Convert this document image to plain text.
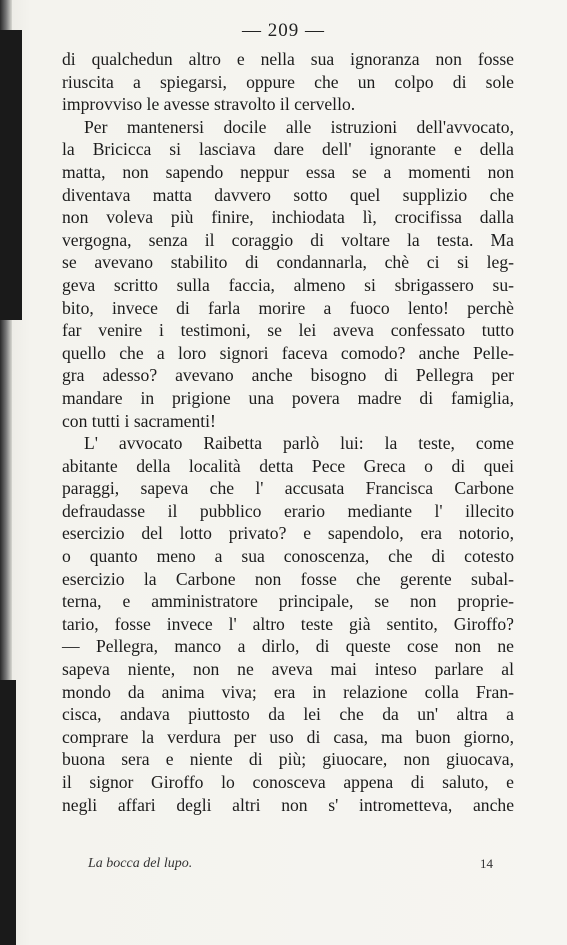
— 209 —
di qualchedun altro e nella sua ignoranza non fosse
riuscita a spiegarsi, oppure che un colpo di sole
improvviso le avesse stravolto il cervello.
Per mantenersi docile alle istruzioni dell'avvocato,
la Bricicca si lasciava dare dell' ignorante e della
matta, non sapendo neppur essa se a momenti non
diventava matta davvero sotto quel supplizio che
non voleva più finire, inchiodata lì, crocifissa dalla
vergogna, senza il coraggio di voltare la testa. Ma
se avevano stabilito di condannarla, chè ci si leg-
geva scritto sulla faccia, almeno si sbrigassero su-
bito, invece di farla morire a fuoco lento! perchè
far venire i testimoni, se lei aveva confessato tutto
quello che a loro signori faceva comodo? anche Pelle-
gra adesso? avevano anche bisogno di Pellegra per
mandare in prigione una povera madre di famiglia,
con tutti i sacramenti!
L' avvocato Raibetta parlò lui: la teste, come
abitante della località detta Pece Greca o di quei
paraggi, sapeva che l' accusata Francisca Carbone
defraudasse il pubblico erario mediante l' illecito
esercizio del lotto privato? e sapendolo, era notorio,
o quanto meno a sua conoscenza, che di cotesto
esercizio la Carbone non fosse che gerente subal-
terna, e amministratore principale, se non proprie-
tario, fosse invece l' altro teste già sentito, Giroffo?
— Pellegra, manco a dirlo, di queste cose non ne
sapeva niente, non ne aveva mai inteso parlare al
mondo da anima viva; era in relazione colla Fran-
cisca, andava piuttosto da lei che da un' altra a
comprare la verdura per uso di casa, ma buon giorno,
buona sera e niente di più; giuocare, non giuocava,
il signor Giroffo lo conosceva appena di saluto, e
negli affari degli altri non s' intrometteva, anche
La bocca del lupo.	14
